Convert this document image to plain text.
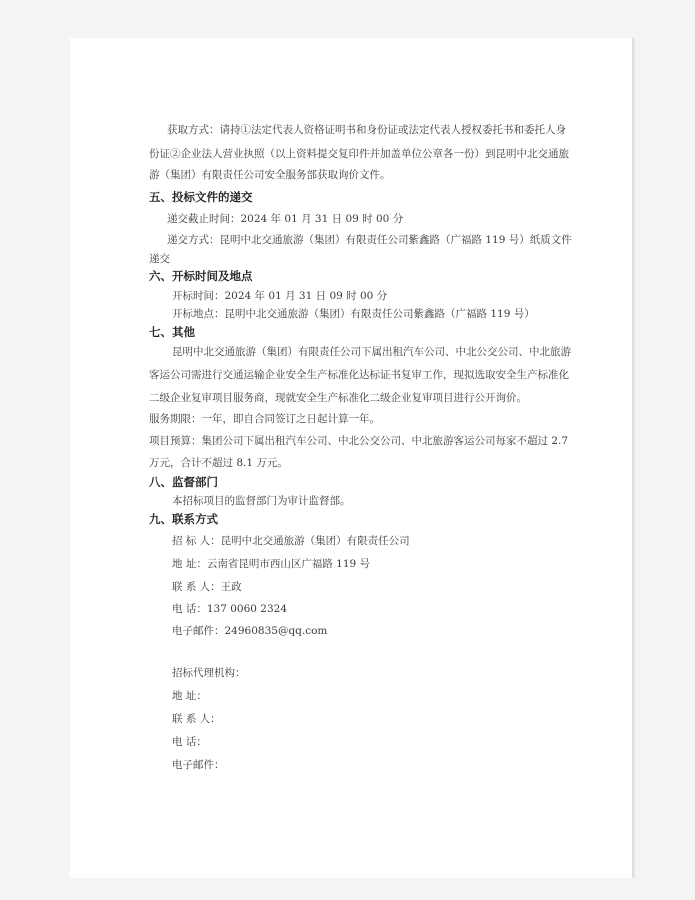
获取方式：请持①法定代表人资格证明书和身份证或法定代表人授权委托书和委托人身
份证②企业法人营业执照（以上资料提交复印件并加盖单位公章各一份）到昆明中北交通旅
游（集团）有限责任公司安全服务部获取询价文件。
五、投标文件的递交
递交截止时间：2024 年 01 月 31 日 09 时 00 分
递交方式：昆明中北交通旅游（集团）有限责任公司紫鑫路（广福路 119 号）纸质文件
递交
六、开标时间及地点
开标时间：2024 年 01 月 31 日 09 时 00 分
开标地点：昆明中北交通旅游（集团）有限责任公司紫鑫路（广福路 119 号）
七、其他
昆明中北交通旅游（集团）有限责任公司下属出租汽车公司、中北公交公司、中北旅游
客运公司需进行交通运输企业安全生产标准化达标证书复审工作，现拟选取安全生产标准化
二级企业复审项目服务商，现就安全生产标准化二级企业复审项目进行公开询价。
服务期限：一年，即自合同签订之日起计算一年。
项目预算：集团公司下属出租汽车公司、中北公交公司、中北旅游客运公司每家不超过 2.7
万元，合计不超过 8.1 万元。
八、监督部门
本招标项目的监督部门为审计监督部。
九、联系方式
招 标 人：昆明中北交通旅游（集团）有限责任公司
地 址：云南省昆明市西山区广福路 119 号
联 系 人：王政
电 话：137 0060 2324
电子邮件：24960835@qq.com
招标代理机构：
地 址：
联 系 人：
电 话：
电子邮件：
